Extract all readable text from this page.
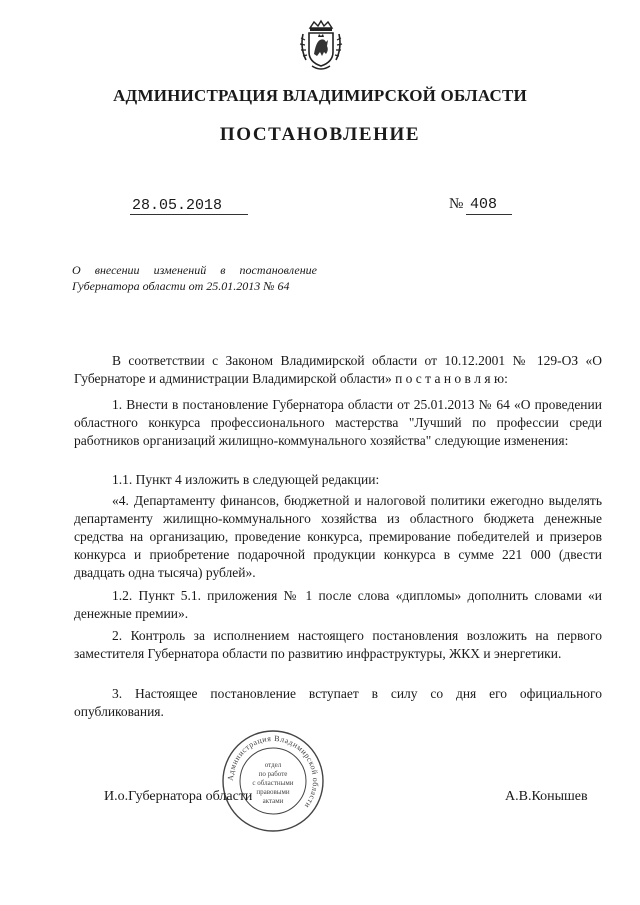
АДМИНИСТРАЦИЯ ВЛАДИМИРСКОЙ ОБЛАСТИ
ПОСТАНОВЛЕНИЕ
28.05.2018	№ 408
О внесении изменений в постановление
Губернатора области от 25.01.2013 № 64

В соответствии с Законом Владимирской области от 10.12.2001 № 129-ОЗ «О Губернаторе и администрации Владимирской области» п о с т а н о в л я ю:

1. Внести в постановление Губернатора области от 25.01.2013 № 64 «О проведении областного конкурса профессионального мастерства "Лучший по профессии среди работников организаций жилищно-коммунального хозяйства" следующие изменения:

1.1. Пункт 4 изложить в следующей редакции:

«4. Департаменту финансов, бюджетной и налоговой политики ежегодно выделять департаменту жилищно-коммунального хозяйства из областного бюджета денежные средства на организацию, проведение конкурса, премирование победителей и призеров конкурса и приобретение подарочной продукции конкурса в сумме 221 000 (двести двадцать одна тысяча) рублей».

1.2. Пункт 5.1. приложения № 1 после слова «дипломы» дополнить словами «и денежные премии».

2. Контроль за исполнением настоящего постановления возложить на первого заместителя Губернатора области по развитию инфраструктуры, ЖКХ и энергетики.

3. Настоящее постановление вступает в силу со дня его официального опубликования.

Администрация Владимирской области
отдел
по работе
с областными
правовыми
актами
И.о.Губернатора области	А.В.Конышев
